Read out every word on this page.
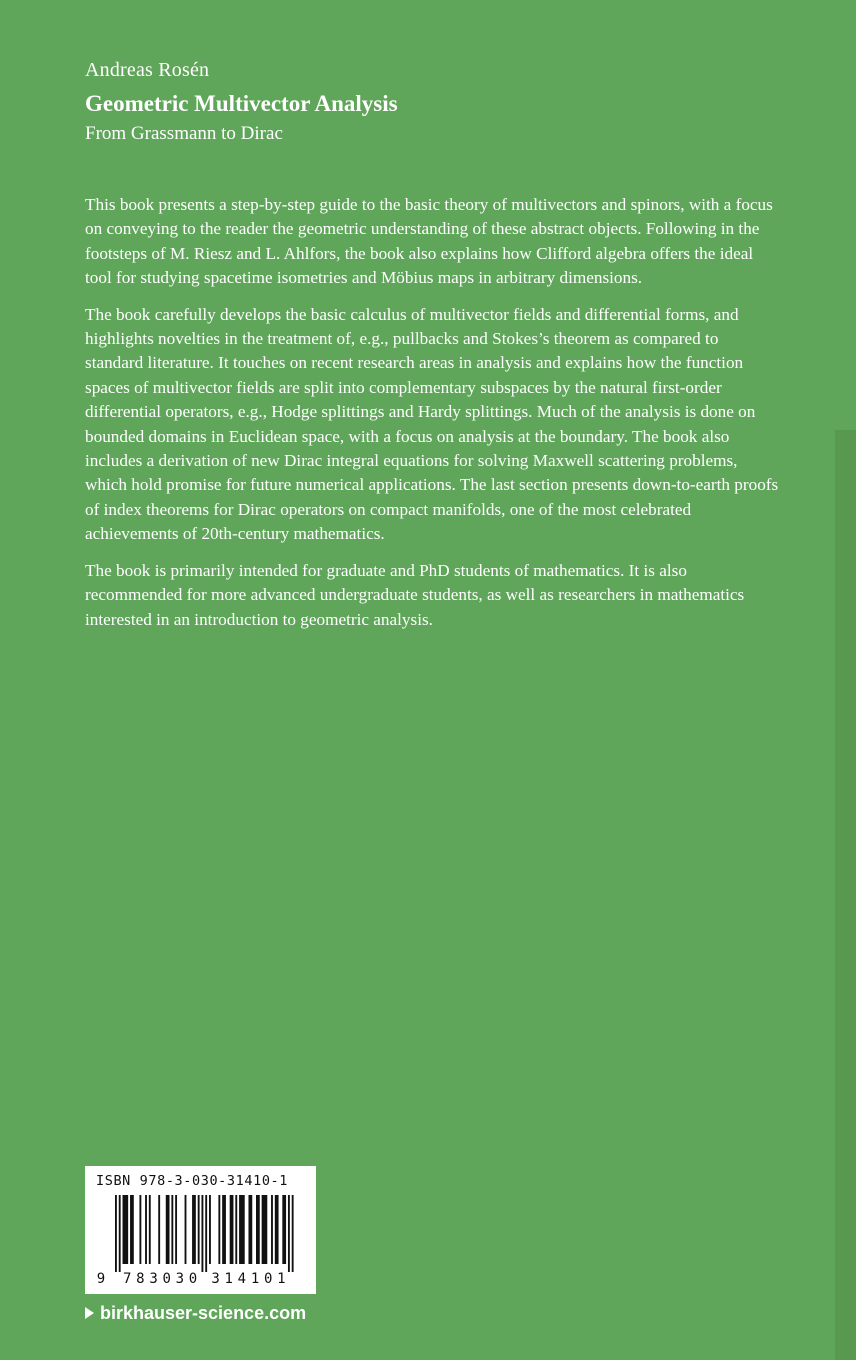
Andreas Rosén
Geometric Multivector Analysis
From Grassmann to Dirac

This book presents a step-by-step guide to the basic theory of multivectors and spinors, with a focus on conveying to the reader the geometric understanding of these abstract objects. Following in the footsteps of M. Riesz and L. Ahlfors, the book also explains how Clifford algebra offers the ideal tool for studying spacetime isometries and Möbius maps in arbitrary dimensions.

The book carefully develops the basic calculus of multivector fields and differential forms, and highlights novelties in the treatment of, e.g., pullbacks and Stokes’s theorem as compared to standard literature. It touches on recent research areas in analysis and explains how the function spaces of multivector fields are split into complementary subspaces by the natural first-order differential operators, e.g., Hodge splittings and Hardy splittings. Much of the analysis is done on bounded domains in Euclidean space, with a focus on analysis at the boundary. The book also includes a derivation of new Dirac integral equations for solving Maxwell scattering problems, which hold promise for future numerical applications. The last section presents down-to-earth proofs of index theorems for Dirac operators on compact manifolds, one of the most celebrated achievements of 20th-century mathematics.

The book is primarily intended for graduate and PhD students of mathematics. It is also recommended for more advanced undergraduate students, as well as researchers in mathematics interested in an introduction to geometric analysis.

ISBN 978-3-030-31410-1
9 7 8 3 0 3 0 3 1 4 1 0 1
birkhauser-science.com
